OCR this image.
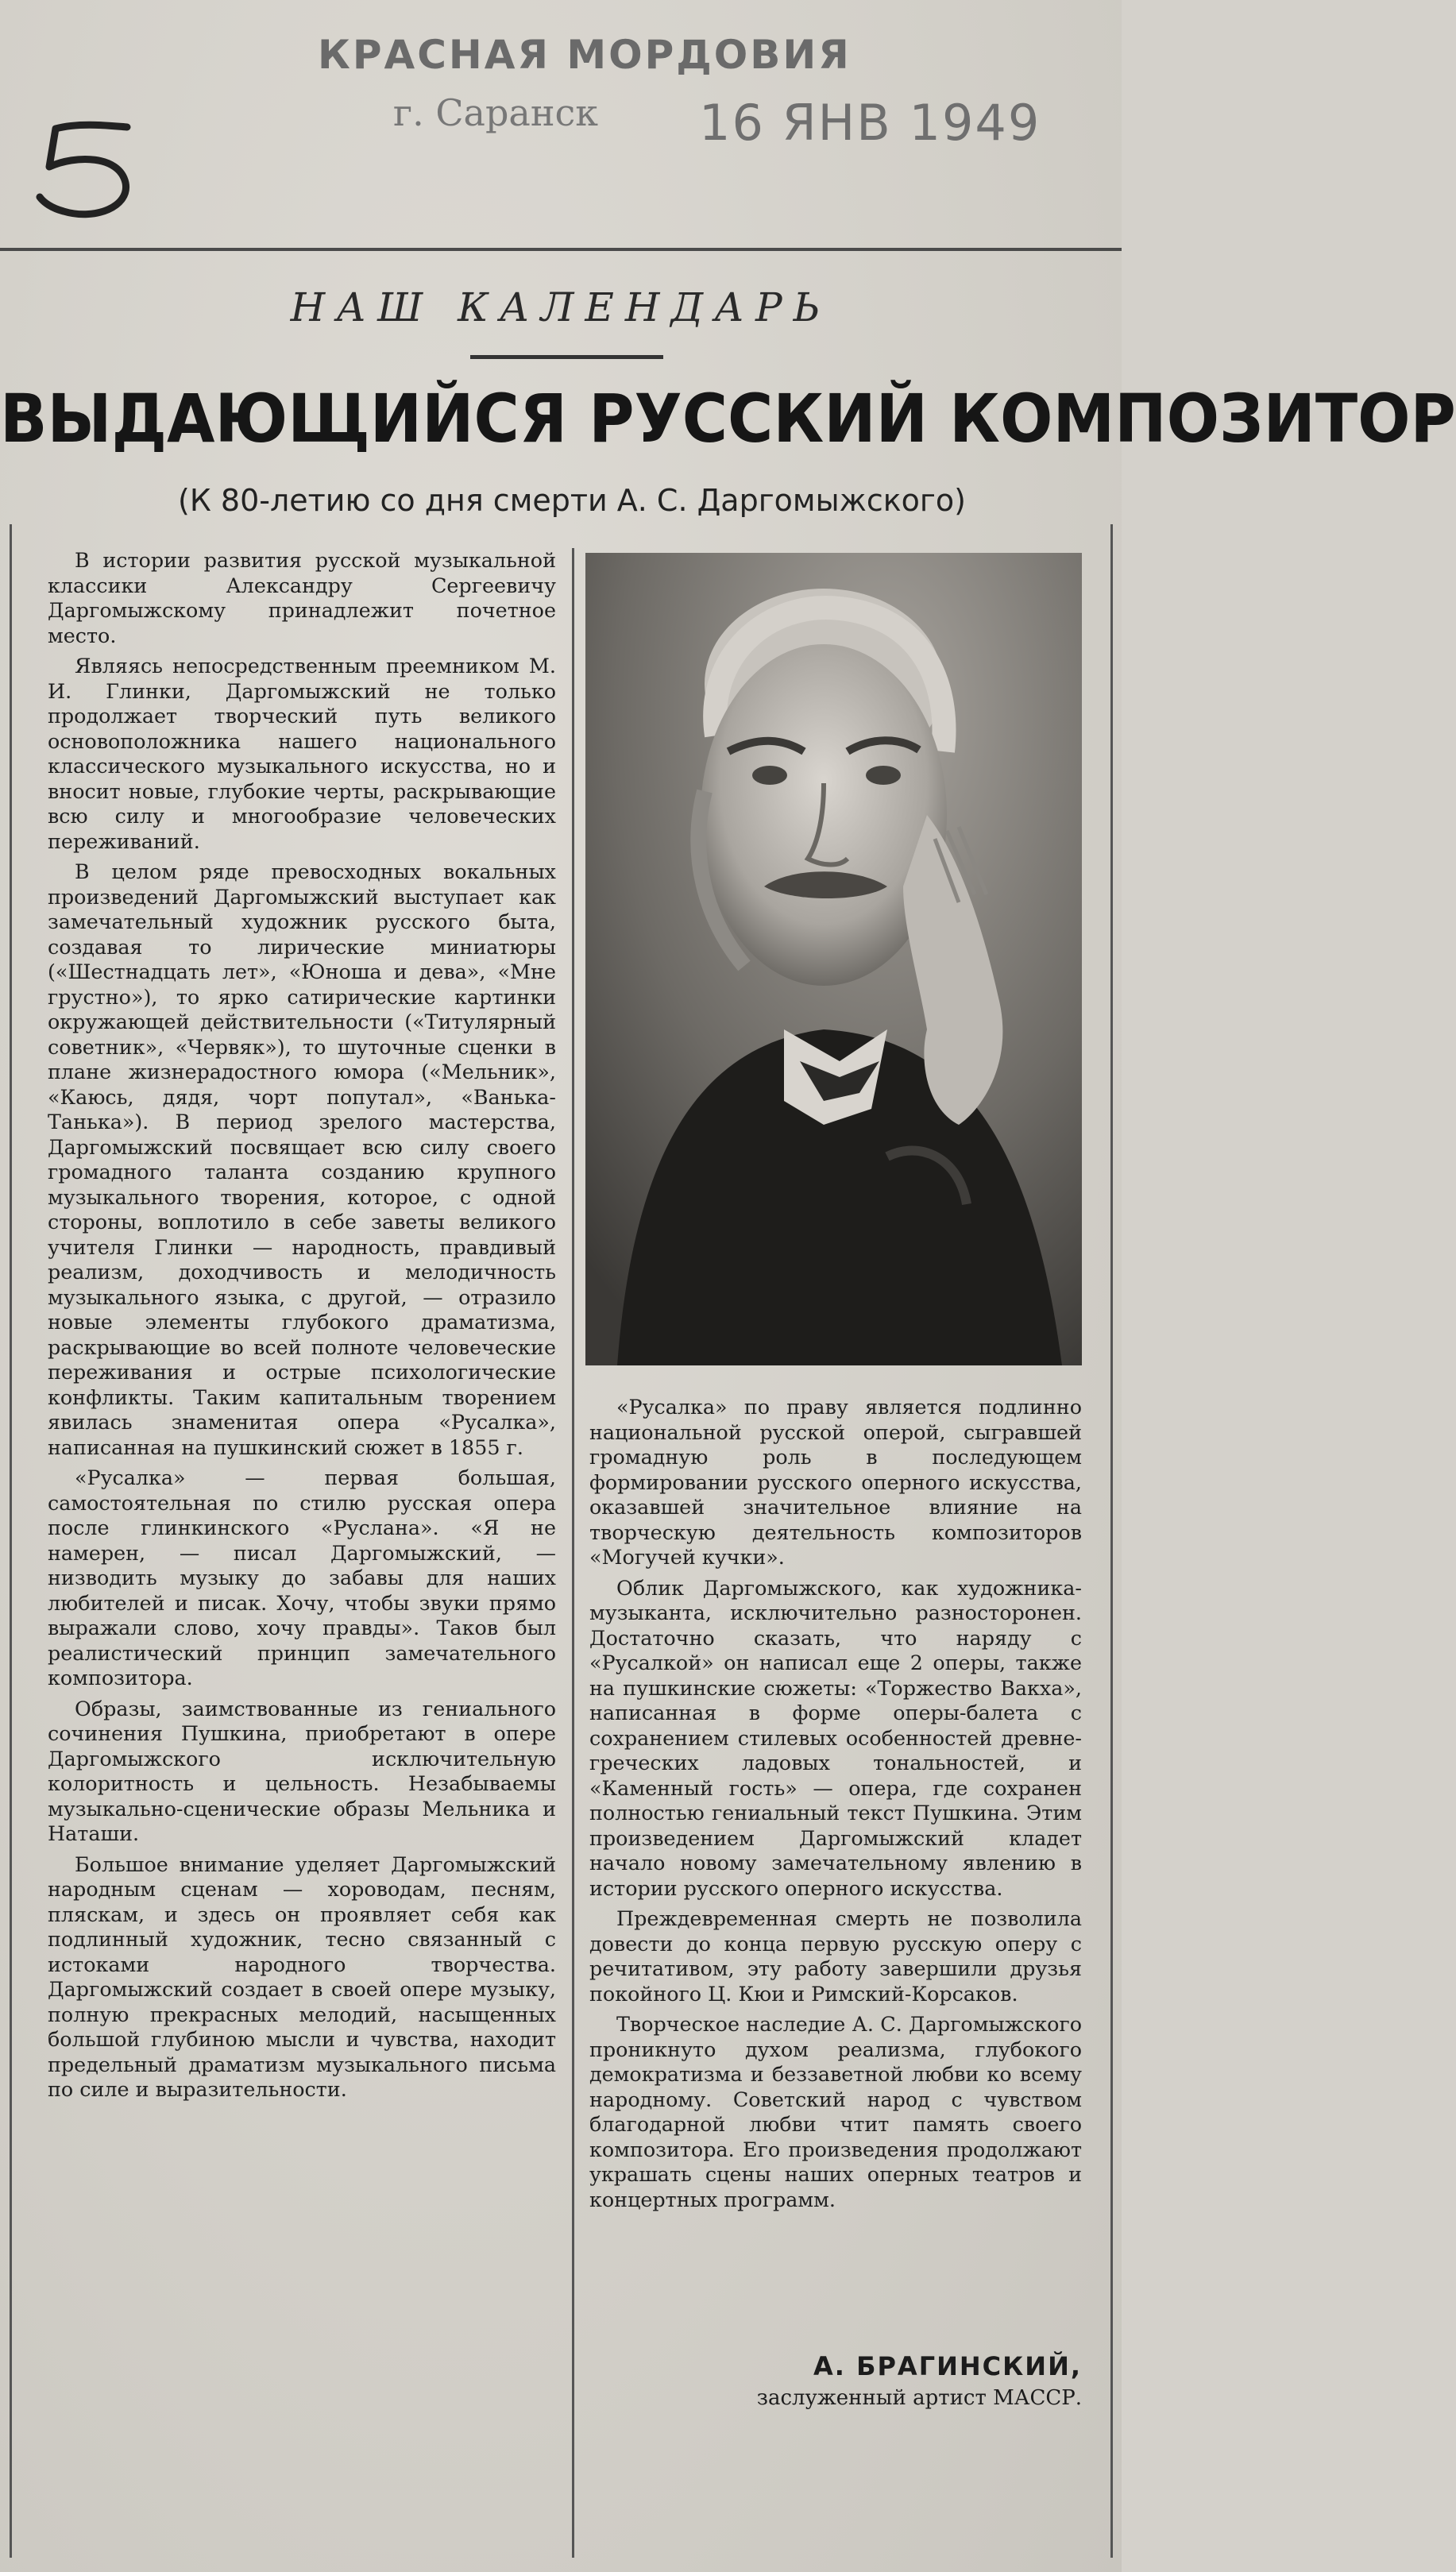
КРАСНАЯ МОРДОВИЯ
г. Саранск 16 ЯНВ 1949
НАШ КАЛЕНДАРЬ
ВЫДАЮЩИЙСЯ РУССКИЙ КОМПОЗИТОР
(К 80-летию со дня смерти А. С. Даргомыжского)

В истории развития русской музыкальной классики Александру Сергеевичу Даргомыжскому принадлежит почетное место.

Являясь непосредственным преемником М. И. Глинки, Даргомыжский не только продолжает творческий путь великого основоположника нашего национального классического музыкального искусства, но и вносит новые, глубокие черты, раскрывающие всю силу и многообразие человеческих переживаний.

В целом ряде превосходных вокальных произведений Даргомыжский выступает как замечательный художник русского быта, создавая то лирические миниатюры («Шестнадцать лет», «Юноша и дева», «Мне грустно»), то ярко сатирические картинки окружающей действительности («Титулярный советник», «Червяк»), то шуточные сценки в плане жизнерадостного юмора («Мельник», «Каюсь, дядя, чорт попутал», «Ванька-Танька»). В период зрелого мастерства, Даргомыжский посвящает всю силу своего громадного таланта созданию крупного музыкального творения, которое, с одной стороны, воплотило в себе заветы великого учителя Глинки — народность, правдивый реализм, доходчивость и мелодичность музыкального языка, с другой, — отразило новые элементы глубокого драматизма, раскрывающие во всей полноте человеческие переживания и острые психологические конфликты. Таким капитальным творением явилась знаменитая опера «Русалка», написанная на пушкинский сюжет в 1855 г.

«Русалка» — первая большая, самостоятельная по стилю русская опера после глинкинского «Руслана». «Я не намерен, — писал Даргомыжский, — низводить музыку до забавы для наших любителей и писак. Хочу, чтобы звуки прямо выражали слово, хочу правды». Таков был реалистический принцип замечательного композитора.

Образы, заимствованные из гениального сочинения Пушкина, приобретают в опере Даргомыжского исключительную колоритность и цельность. Незабываемы музыкально-сценические образы Мельника и Наташи.

Большое внимание уделяет Даргомыжский народным сценам — хороводам, песням, пляскам, и здесь он проявляет себя как подлинный художник, тесно связанный с истоками народного творчества. Даргомыжский создает в своей опере музыку, полную прекрасных мелодий, насыщенных большой глубиною мысли и чувства, находит предельный драматизм музыкального письма по силе и выразительности.

«Русалка» по праву является подлинно национальной русской оперой, сыгравшей громадную роль в последующем формировании русского оперного искусства, оказавшей значительное влияние на творческую деятельность композиторов «Могучей кучки».

Облик Даргомыжского, как художника-музыканта, исключительно разносторонен. Достаточно сказать, что наряду с «Русалкой» он написал еще 2 оперы, также на пушкинские сюжеты: «Торжество Вакха», написанная в форме оперы-балета с сохранением стилевых особенностей древне-греческих ладовых тональностей, и «Каменный гость» — опера, где сохранен полностью гениальный текст Пушкина. Этим произведением Даргомыжский кладет начало новому замечательному явлению в истории русского оперного искусства.

Преждевременная смерть не позволила довести до конца первую русскую оперу с речитативом, эту работу завершили друзья покойного Ц. Кюи и Римский-Корсаков.

Творческое наследие А. С. Даргомыжского проникнуто духом реализма, глубокого демократизма и беззаветной любви ко всему народному. Советский народ с чувством благодарной любви чтит память своего композитора. Его произведения продолжают украшать сцены наших оперных театров и концертных программ.

А. БРАГИНСКИЙ,
заслуженный артист МАССР.
